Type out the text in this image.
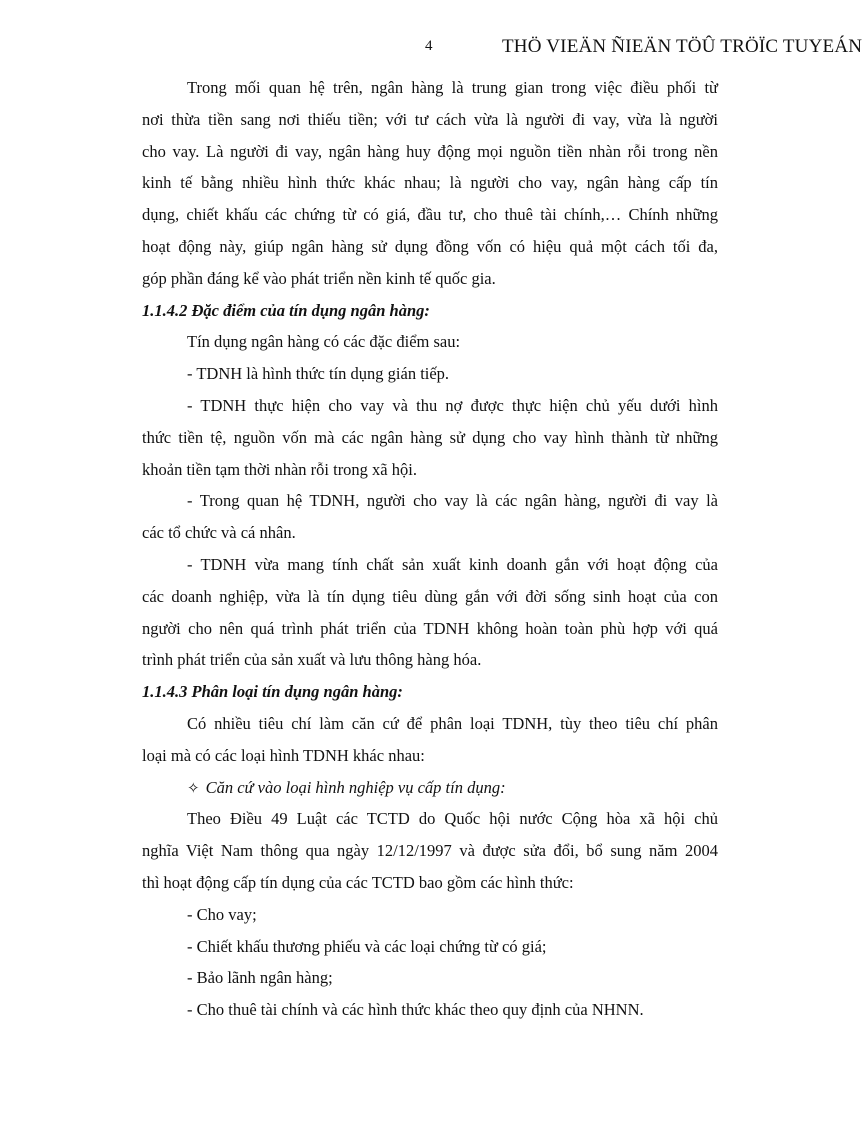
4	THÖ VIEÄN ÑIEÄN TÖÛ TRÖÏC TUYEÁN
Trong mối quan hệ trên, ngân hàng là trung gian trong việc điều phối từ
nơi thừa tiền sang nơi thiếu tiền; với tư cách vừa là người đi vay, vừa là người
cho vay. Là người đi vay, ngân hàng huy động mọi nguồn tiền nhàn rỗi trong nền
kinh tế bằng nhiều hình thức khác nhau; là người cho vay, ngân hàng cấp tín
dụng, chiết khấu các chứng từ có giá, đầu tư, cho thuê tài chính,… Chính những
hoạt động này, giúp ngân hàng sử dụng đồng vốn có hiệu quả một cách tối đa,
góp phần đáng kể vào phát triển nền kinh tế quốc gia.
1.1.4.2 Đặc điểm của tín dụng ngân hàng:
Tín dụng ngân hàng có các đặc điểm sau:
- TDNH là hình thức tín dụng gián tiếp.
- TDNH thực hiện cho vay và thu nợ được thực hiện chủ yếu dưới hình
thức tiền tệ, nguồn vốn mà các ngân hàng sử dụng cho vay hình thành từ những
khoản tiền tạm thời nhàn rỗi trong xã hội.
- Trong quan hệ TDNH, người cho vay là các ngân hàng, người đi vay là
các tổ chức và cá nhân.
- TDNH vừa mang tính chất sản xuất kinh doanh gắn với hoạt động của
các doanh nghiệp, vừa là tín dụng tiêu dùng gắn với đời sống sinh hoạt của con
người cho nên quá trình phát triển của TDNH không hoàn toàn phù hợp với quá
trình phát triển của sản xuất và lưu thông hàng hóa.
1.1.4.3 Phân loại tín dụng ngân hàng:
Có nhiều tiêu chí làm căn cứ để phân loại TDNH, tùy theo tiêu chí phân
loại mà có các loại hình TDNH khác nhau:
✧ Căn cứ vào loại hình nghiệp vụ cấp tín dụng:
Theo Điều 49 Luật các TCTD do Quốc hội nước Cộng hòa xã hội chủ
nghĩa Việt Nam thông qua ngày 12/12/1997 và được sửa đổi, bổ sung năm 2004
thì hoạt động cấp tín dụng của các TCTD bao gồm các hình thức:
- Cho vay;
- Chiết khấu thương phiếu và các loại chứng từ có giá;
- Bảo lãnh ngân hàng;
- Cho thuê tài chính và các hình thức khác theo quy định của NHNN.
